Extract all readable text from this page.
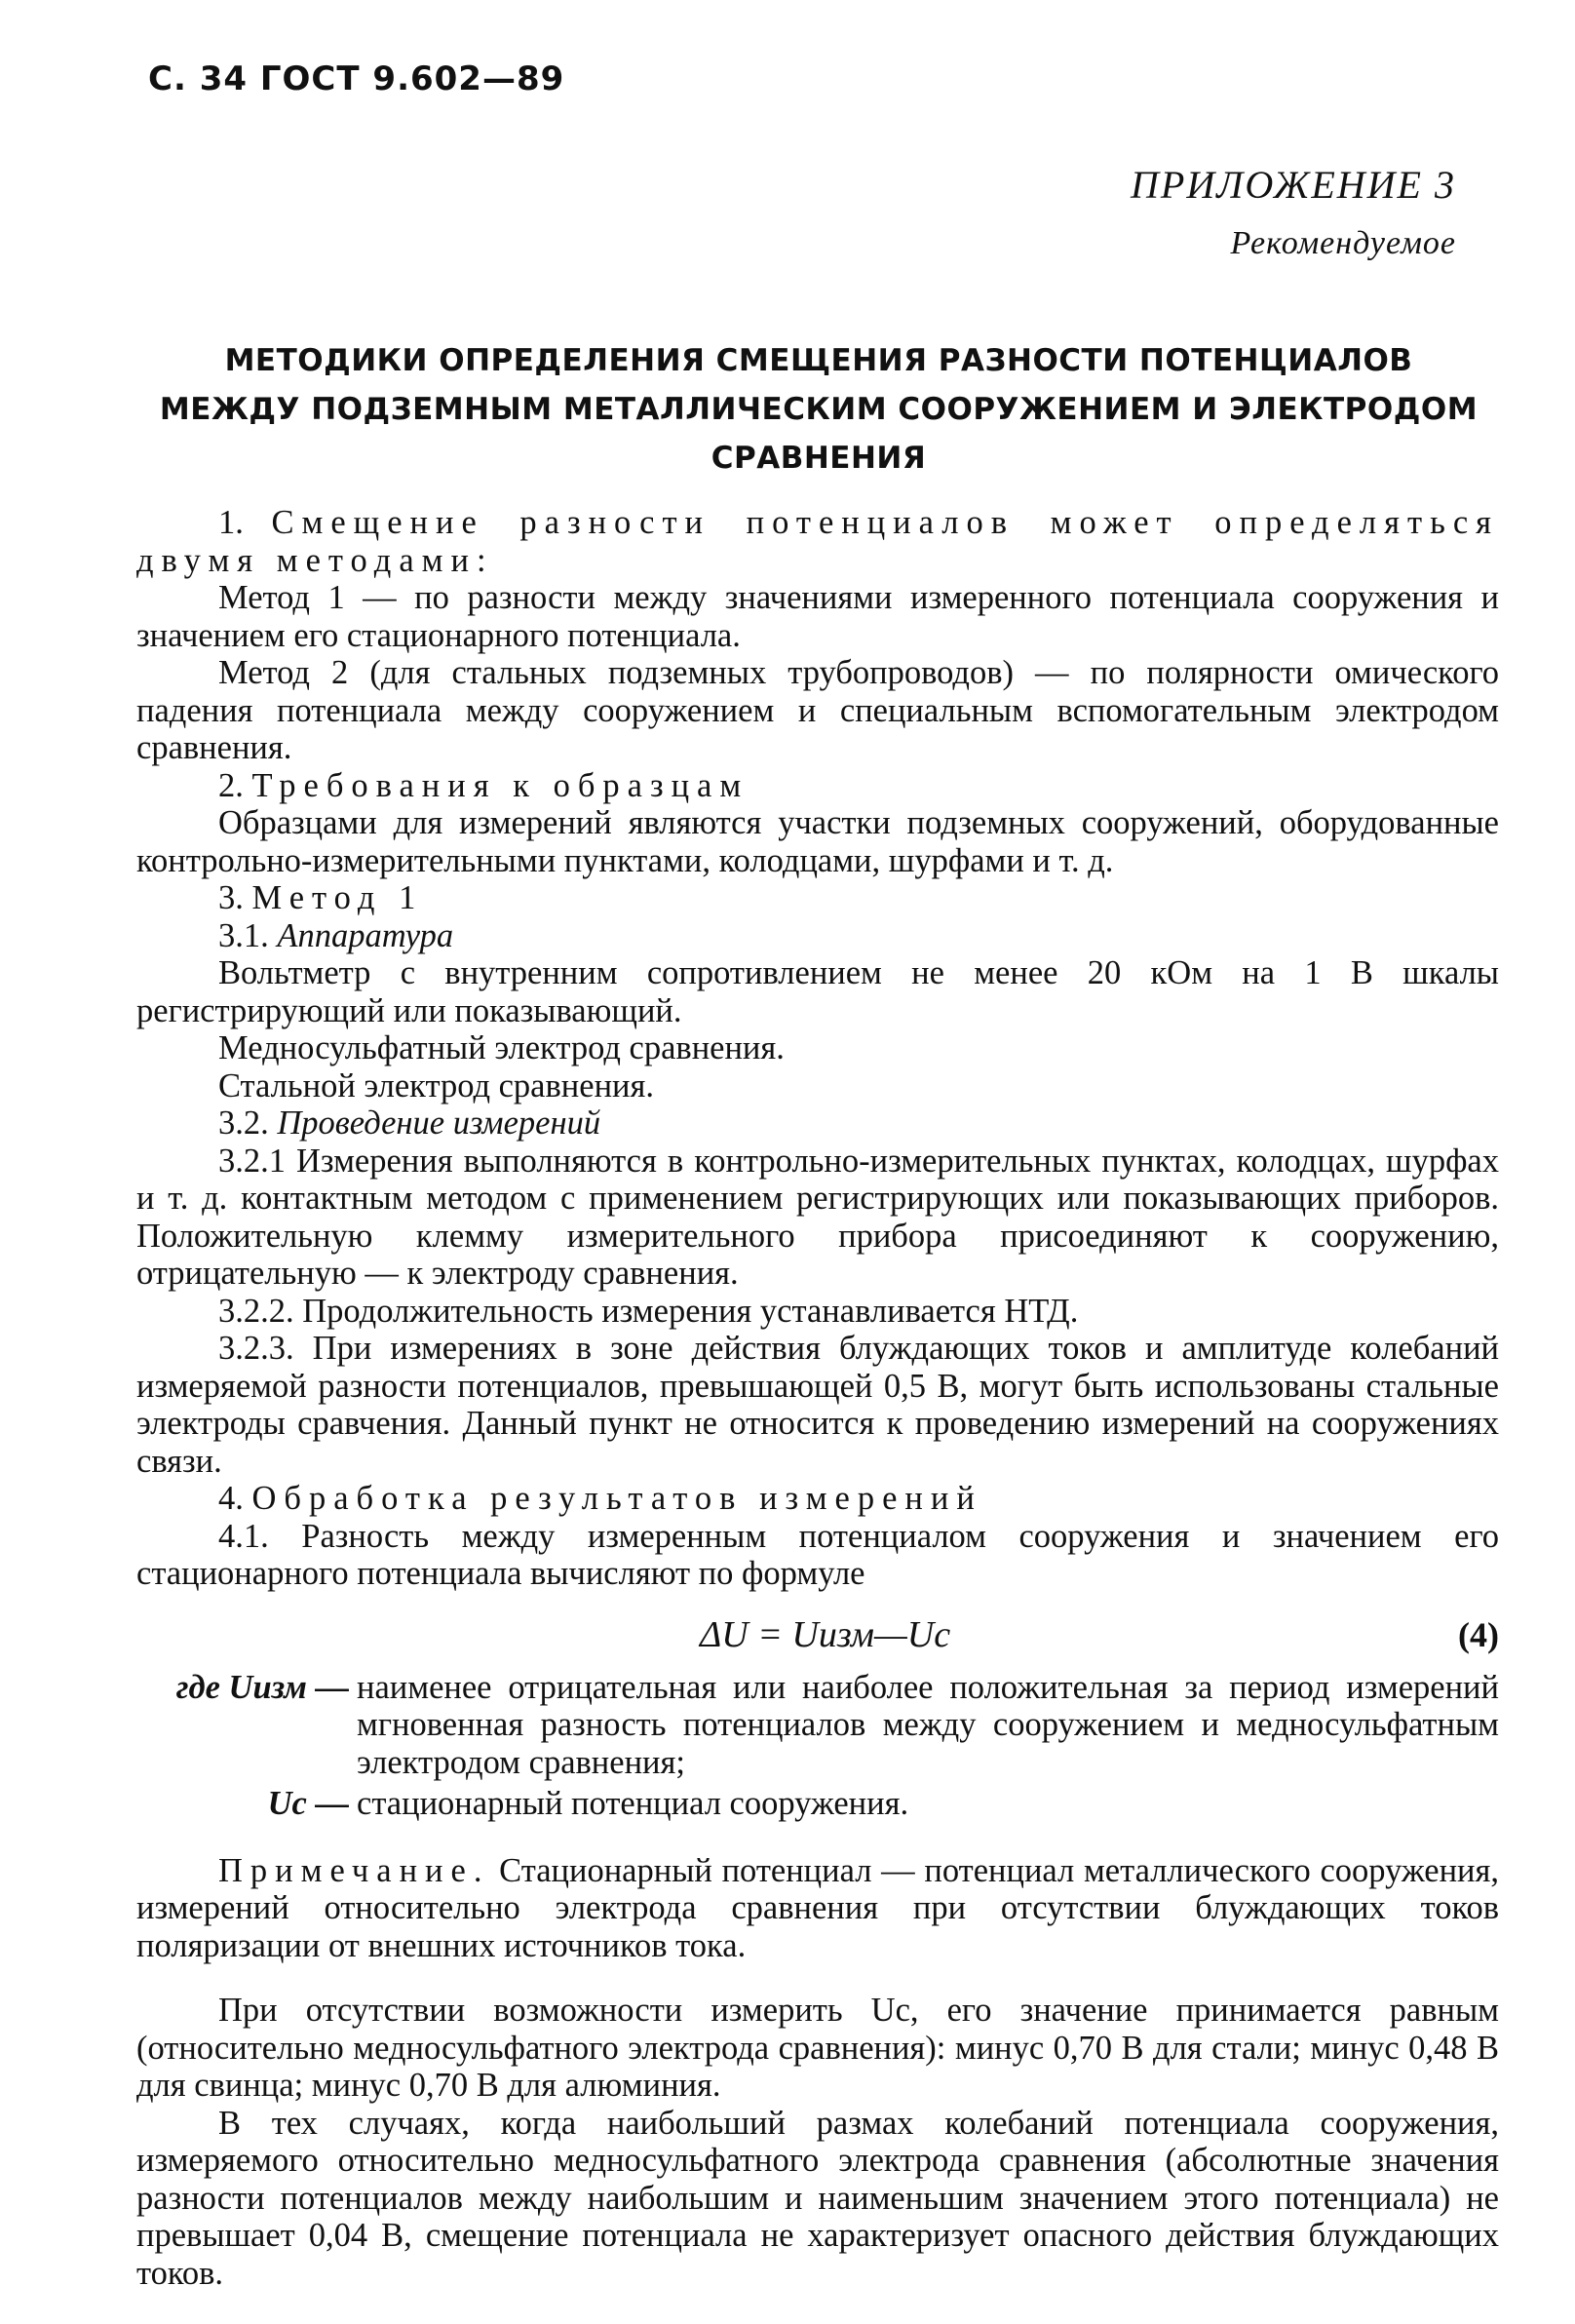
С. 34 ГОСТ 9.602—89
ПРИЛОЖЕНИЕ 3
Рекомендуемое
МЕТОДИКИ ОПРЕДЕЛЕНИЯ СМЕЩЕНИЯ РАЗНОСТИ ПОТЕНЦИАЛОВ
МЕЖДУ ПОДЗЕМНЫМ МЕТАЛЛИЧЕСКИМ СООРУЖЕНИЕМ И ЭЛЕКТРОДОМ
СРАВНЕНИЯ

1. Смещение разности потенциалов может определяться двумя методами:

Метод 1 — по разности между значениями измеренного потенциала сооружения и значением его стационарного потенциала.

Метод 2 (для стальных подземных трубопроводов) — по полярности омического падения потенциала между сооружением и специальным вспомогательным электродом сравнения.

2. Требования к образцам

Образцами для измерений являются участки подземных сооружений, оборудованные контрольно-измерительными пунктами, колодцами, шурфами и т. д.

3. Метод 1

3.1. Аппаратура

Вольтметр с внутренним сопротивлением не менее 20 кОм на 1 В шкалы регистрирующий или показывающий.

Медносульфатный электрод сравнения.

Стальной электрод сравнения.

3.2. Проведение измерений

3.2.1 Измерения выполняются в контрольно-измерительных пунктах, колодцах, шурфах и т. д. контактным методом с применением регистрирующих или показывающих приборов. Положительную клемму измерительного прибора присоединяют к сооружению, отрицательную — к электроду сравнения.

3.2.2. Продолжительность измерения устанавливается НТД.

3.2.3. При измерениях в зоне действия блуждающих токов и амплитуде колебаний измеряемой разности потенциалов, превышающей 0,5 В, могут быть использованы стальные электроды сравчения. Данный пункт не относится к проведению измерений на сооружениях связи.

4. Обработка результатов измерений

4.1. Разность между измеренным потенциалом сооружения и значением его стационарного потенциала вычисляют по формуле

ΔU = Uизм—Uс	(4)
где Uизм — наименее отрицательная или наиболее положительная за период измерений мгновенная разность потенциалов между сооружением и медносульфатным электродом сравнения;
Uс — стационарный потенциал сооружения.

Примечание. Стационарный потенциал — потенциал металлического сооружения, измерений относительно электрода сравнения при отсутствии блуждающих токов поляризации от внешних источников тока.

При отсутствии возможности измерить Uс, его значение принимается равным (относительно медносульфатного электрода сравнения): минус 0,70 В для стали; минус 0,48 В для свинца; минус 0,70 В для алюминия.

В тех случаях, когда наибольший размах колебаний потенциала сооружения, измеряемого относительно медносульфатного электрода сравнения (абсолютные значения разности потенциалов между наибольшим и наименьшим значением этого потенциала) не превышает 0,04 В, смещение потенциала не характеризует опасного действия блуждающих токов.
